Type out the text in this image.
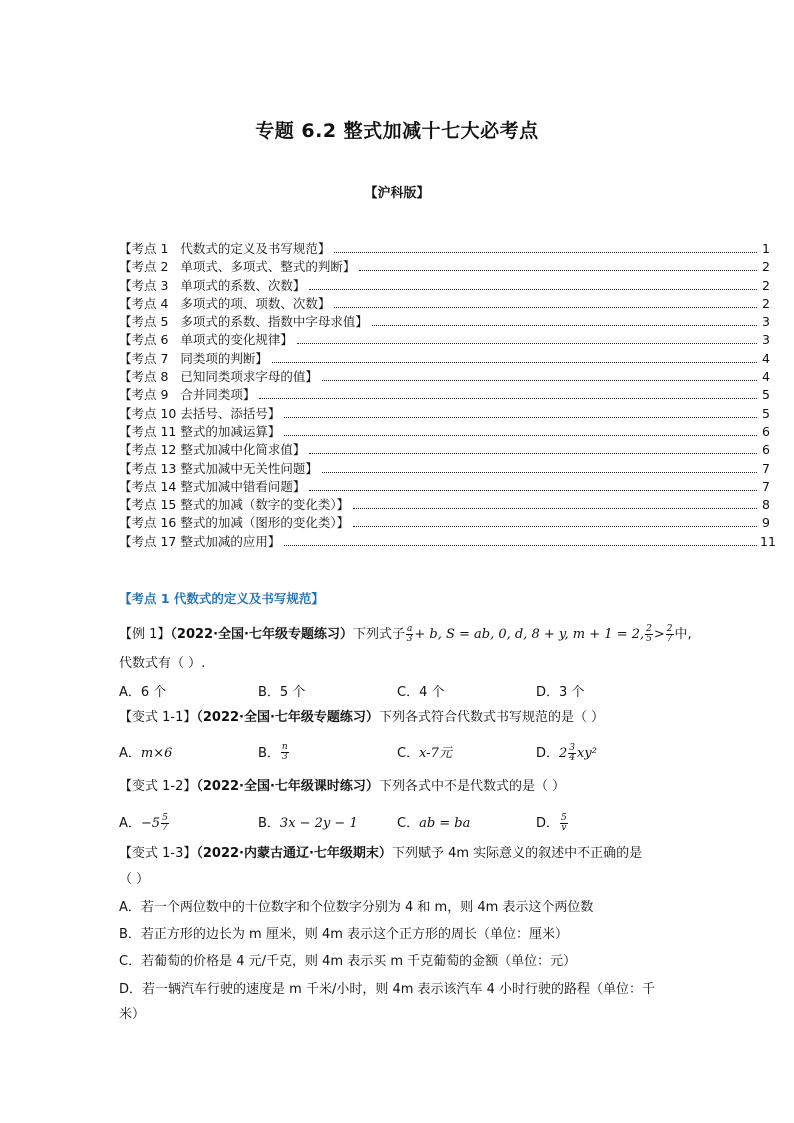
专题 6.2 整式加减十七大必考点
【沪科版】
【考点 1 代数式的定义及书写规范】	1
【考点 2 单项式、多项式、整式的判断】	2
【考点 3 单项式的系数、次数】	2
【考点 4 多项式的项、项数、次数】	2
【考点 5 多项式的系数、指数中字母求值】	3
【考点 6 单项式的变化规律】	3
【考点 7 同类项的判断】	4
【考点 8 已知同类项求字母的值】	4
【考点 9 合并同类项】	5
【考点 10 去括号、添括号】	5
【考点 11 整式的加减运算】	6
【考点 12 整式加减中化简求值】	6
【考点 13 整式加减中无关性问题】	7
【考点 14 整式加减中错看问题】	7
【考点 15 整式的加减（数字的变化类）】	8
【考点 16 整式的加减（图形的变化类）】	9
【考点 17 整式加减的应用】	11
【考点 1 代数式的定义及书写规范】
【例 1】（2022·全国·七年级专题练习）下列式子 $\frac{a}{3} + b$, S = ab, 0, d, 8 + y, m + 1 = 2, $\frac{2}{5} > \frac{2}{7}$ 中,
代数式有（ ）.
A．6 个	B．5 个	C．4 个	D．3 个
【变式 1-1】（2022·全国·七年级专题练习）下列各式符合代数式书写规范的是（ ）
A．m×6	B． $\frac{n}{3}$	C．x-7元	D．$2 \frac{3}{4} xy^2$
【变式 1-2】（2022·全国·七年级课时练习）下列各式中不是代数式的是（ ）
A．$-5 \frac{5}{7}$	B．3x − 2y − 1	C．ab = ba	D． $\frac{5}{v}$
【变式 1-3】（2022·内蒙古通辽·七年级期末）下列赋予 4m 实际意义的叙述中不正确的是
（ ）
A．若一个两位数中的十位数字和个位数字分别为 4 和 m，则 4m 表示这个两位数
B．若正方形的边长为 m 厘米，则 4m 表示这个正方形的周长（单位：厘米）
C．若葡萄的价格是 4 元/千克，则 4m 表示买 m 千克葡萄的金额（单位：元）
D．若一辆汽车行驶的速度是 m 千米/小时，则 4m 表示该汽车 4 小时行驶的路程（单位：千
米）
